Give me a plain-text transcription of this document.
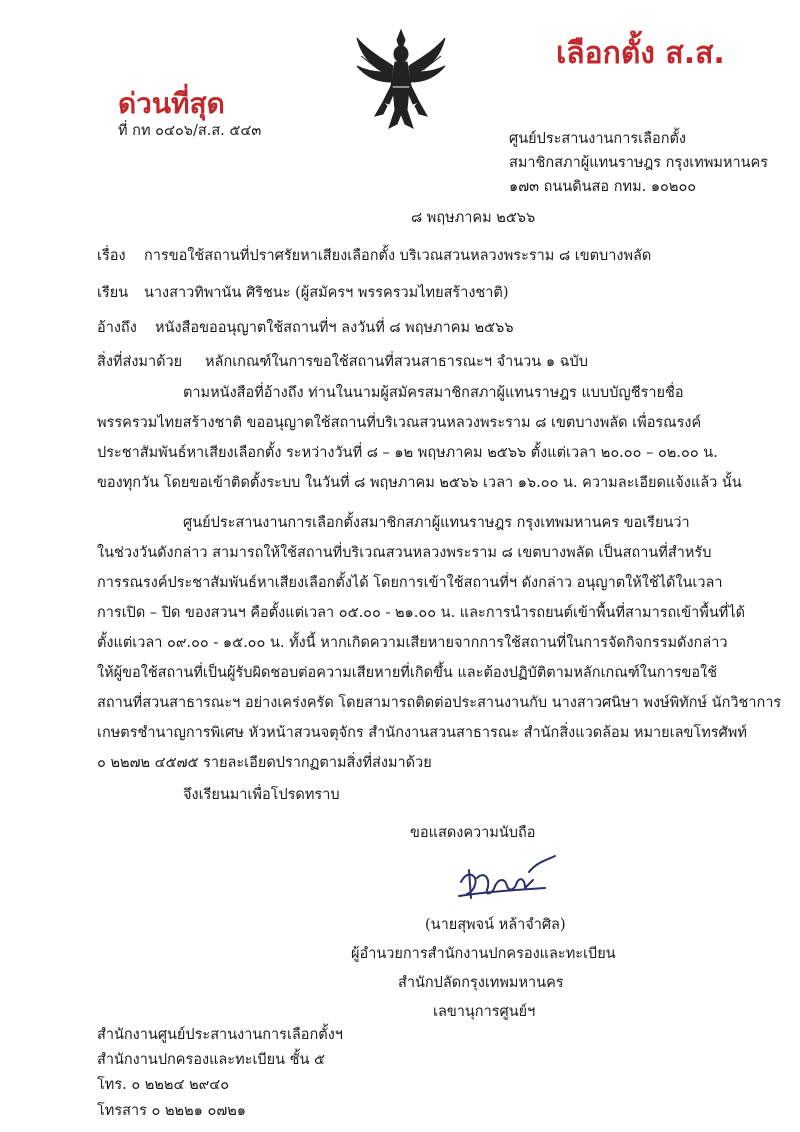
เลือกตั้ง ส.ส.
ด่วนที่สุด
ที่ กท ๐๔๐๖/ส.ส. ๕๔๓	ศูนย์ประสานงานการเลือกตั้ง
สมาชิกสภาผู้แทนราษฎร กรุงเทพมหานคร
๑๗๓ ถนนดินสอ กทม. ๑๐๒๐๐
๘ พฤษภาคม ๒๕๖๖
เรื่อง การขอใช้สถานที่ปราศรัยหาเสียงเลือกตั้ง บริเวณสวนหลวงพระราม ๘ เขตบางพลัด
เรียน นางสาวทิพานัน ศิริชนะ (ผู้สมัครฯ พรรครวมไทยสร้างชาติ)
อ้างถึง หนังสือขออนุญาตใช้สถานที่ฯ ลงวันที่ ๘ พฤษภาคม ๒๕๖๖
สิ่งที่ส่งมาด้วย หลักเกณฑ์ในการขอใช้สถานที่สวนสาธารณะฯ จำนวน ๑ ฉบับ
ตามหนังสือที่อ้างถึง ท่านในนามผู้สมัครสมาชิกสภาผู้แทนราษฎร แบบบัญชีรายชื่อ
พรรครวมไทยสร้างชาติ ขออนุญาตใช้สถานที่บริเวณสวนหลวงพระราม ๘ เขตบางพลัด เพื่อรณรงค์
ประชาสัมพันธ์หาเสียงเลือกตั้ง ระหว่างวันที่ ๘ – ๑๒ พฤษภาคม ๒๕๖๖ ตั้งแต่เวลา ๒๐.๐๐ – ๐๒.๐๐ น.
ของทุกวัน โดยขอเข้าติดตั้งระบบ ในวันที่ ๘ พฤษภาคม ๒๕๖๖ เวลา ๑๖.๐๐ น. ความละเอียดแจ้งแล้ว นั้น
ศูนย์ประสานงานการเลือกตั้งสมาชิกสภาผู้แทนราษฎร กรุงเทพมหานคร ขอเรียนว่า
ในช่วงวันดังกล่าว สามารถให้ใช้สถานที่บริเวณสวนหลวงพระราม ๘ เขตบางพลัด เป็นสถานที่สำหรับ
การรณรงค์ประชาสัมพันธ์หาเสียงเลือกตั้งได้ โดยการเข้าใช้สถานที่ฯ ดังกล่าว อนุญาตให้ใช้ได้ในเวลา
การเปิด – ปิด ของสวนฯ คือตั้งแต่เวลา ๐๕.๐๐ - ๒๑.๐๐ น. และการนำรถยนต์เข้าพื้นที่สามารถเข้าพื้นที่ได้
ตั้งแต่เวลา ๐๙.๐๐ - ๑๕.๐๐ น. ทั้งนี้ หากเกิดความเสียหายจากการใช้สถานที่ในการจัดกิจกรรมดังกล่าว
ให้ผู้ขอใช้สถานที่เป็นผู้รับผิดชอบต่อความเสียหายที่เกิดขึ้น และต้องปฏิบัติตามหลักเกณฑ์ในการขอใช้
สถานที่สวนสาธารณะฯ อย่างเคร่งครัด โดยสามารถติดต่อประสานงานกับ นางสาวศนิษา พงษ์พิทักษ์ นักวิชาการ
เกษตรชำนาญการพิเศษ หัวหน้าสวนจตุจักร สำนักงานสวนสาธารณะ สำนักสิ่งแวดล้อม หมายเลขโทรศัพท์
๐ ๒๒๗๒ ๔๕๗๕ รายละเอียดปรากฏตามสิ่งที่ส่งมาด้วย
จึงเรียนมาเพื่อโปรดทราบ
ขอแสดงความนับถือ
(นายสุพจน์ หล้าจำศิล)
ผู้อำนวยการสำนักงานปกครองและทะเบียน
สำนักปลัดกรุงเทพมหานคร
เลขานุการศูนย์ฯ
สำนักงานศูนย์ประสานงานการเลือกตั้งฯ
สำนักงานปกครองและทะเบียน ชั้น ๕
โทร. ๐ ๒๒๒๔ ๒๙๔๐
โทรสาร ๐ ๒๒๒๑ ๐๗๒๑
